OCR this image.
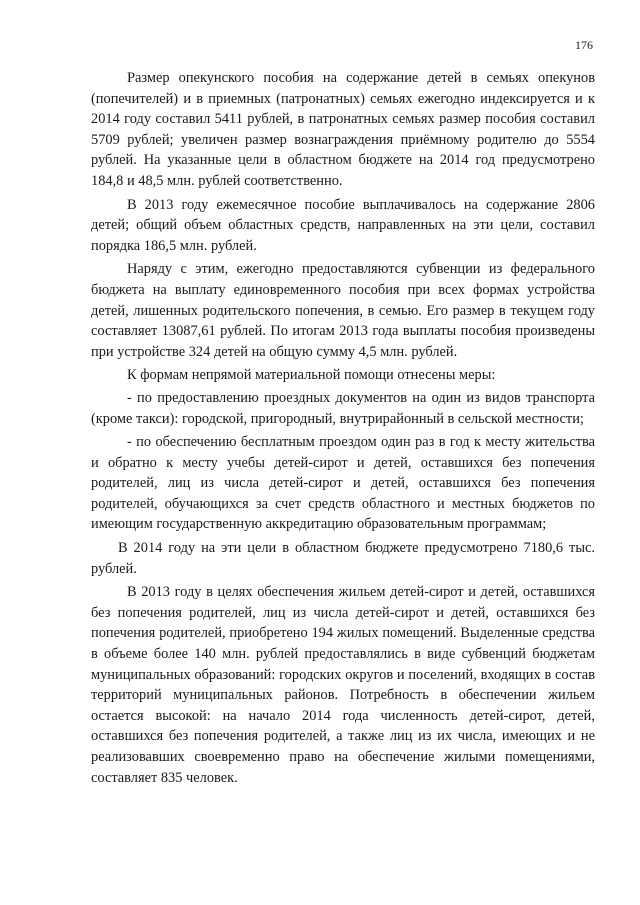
176

Размер опекунского пособия на содержание детей в семьях опекунов (попечителей) и в приемных (патронатных) семьях ежегодно индексируется и к 2014 году составил 5411 рублей, в патронатных семьях размер пособия составил 5709 рублей; увеличен размер вознаграждения приёмному родителю до 5554 рублей. На указанные цели в областном бюджете на 2014 год предусмотрено 184,8 и 48,5 млн. рублей соответственно.

В 2013 году ежемесячное пособие выплачивалось на содержание 2806 детей; общий объем областных средств, направленных на эти цели, составил порядка 186,5 млн. рублей.

Наряду с этим, ежегодно предоставляются субвенции из федерального бюджета на выплату единовременного пособия при всех формах устройства детей, лишенных родительского попечения, в семью. Его размер в текущем году составляет 13087,61 рублей. По итогам 2013 года выплаты пособия произведены при устройстве 324 детей на общую сумму 4,5 млн. рублей.

К формам непрямой материальной помощи отнесены меры:

- по предоставлению проездных документов на один из видов транспорта (кроме такси): городской, пригородный, внутрирайонный в сельской местности;

- по обеспечению бесплатным проездом один раз в год к месту жительства и обратно к месту учебы детей-сирот и детей, оставшихся без попечения родителей, лиц из числа детей-сирот и детей, оставшихся без попечения родителей, обучающихся за счет средств областного и местных бюджетов по имеющим государственную аккредитацию образовательным программам;

В 2014 году на эти цели в областном бюджете предусмотрено 7180,6 тыс. рублей.

В 2013 году в целях обеспечения жильем детей-сирот и детей, оставшихся без попечения родителей, лиц из числа детей-сирот и детей, оставшихся без попечения родителей, приобретено 194 жилых помещений. Выделенные средства в объеме более 140 млн. рублей предоставлялись в виде субвенций бюджетам муниципальных образований: городских округов и поселений, входящих в состав территорий муниципальных районов. Потребность в обеспечении жильем остается высокой: на начало 2014 года численность детей-сирот, детей, оставшихся без попечения родителей, а также лиц из их числа, имеющих и не реализовавших своевременно право на обеспечение жилыми помещениями, составляет 835 человек.
